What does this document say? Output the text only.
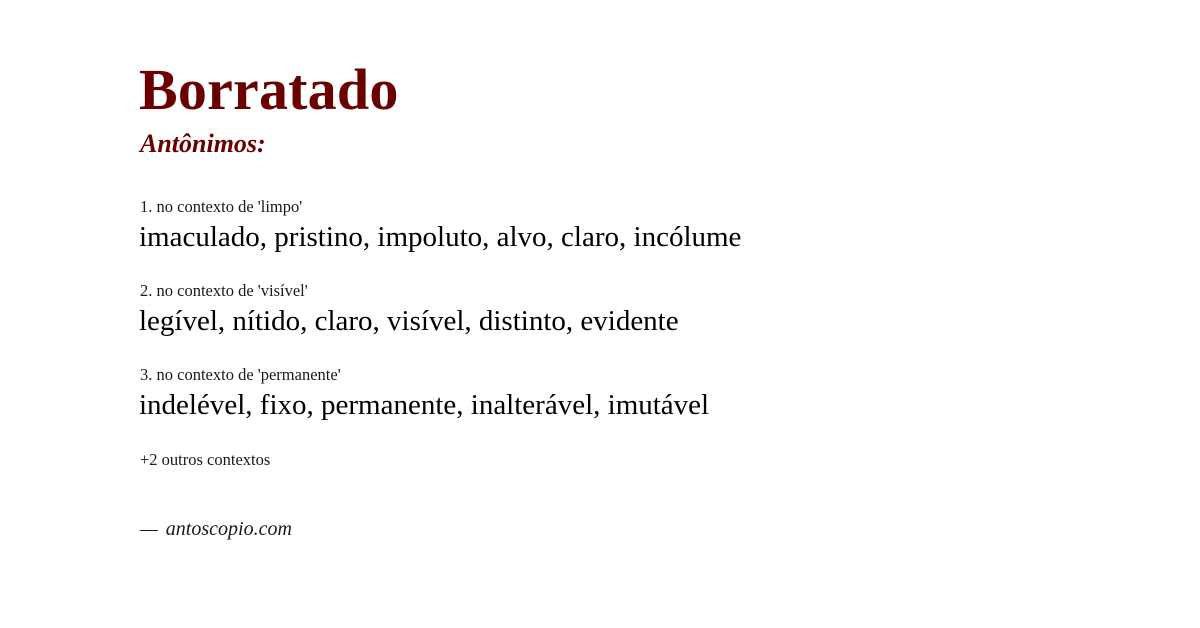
Borratado
Antônimos:
1. no contexto de 'limpo'
imaculado, pristino, impoluto, alvo, claro, incólume
2. no contexto de 'visível'
legível, nítido, claro, visível, distinto, evidente
3. no contexto de 'permanente'
indelével, fixo, permanente, inalterável, imutável
+2 outros contextos
— antoscopio.com
